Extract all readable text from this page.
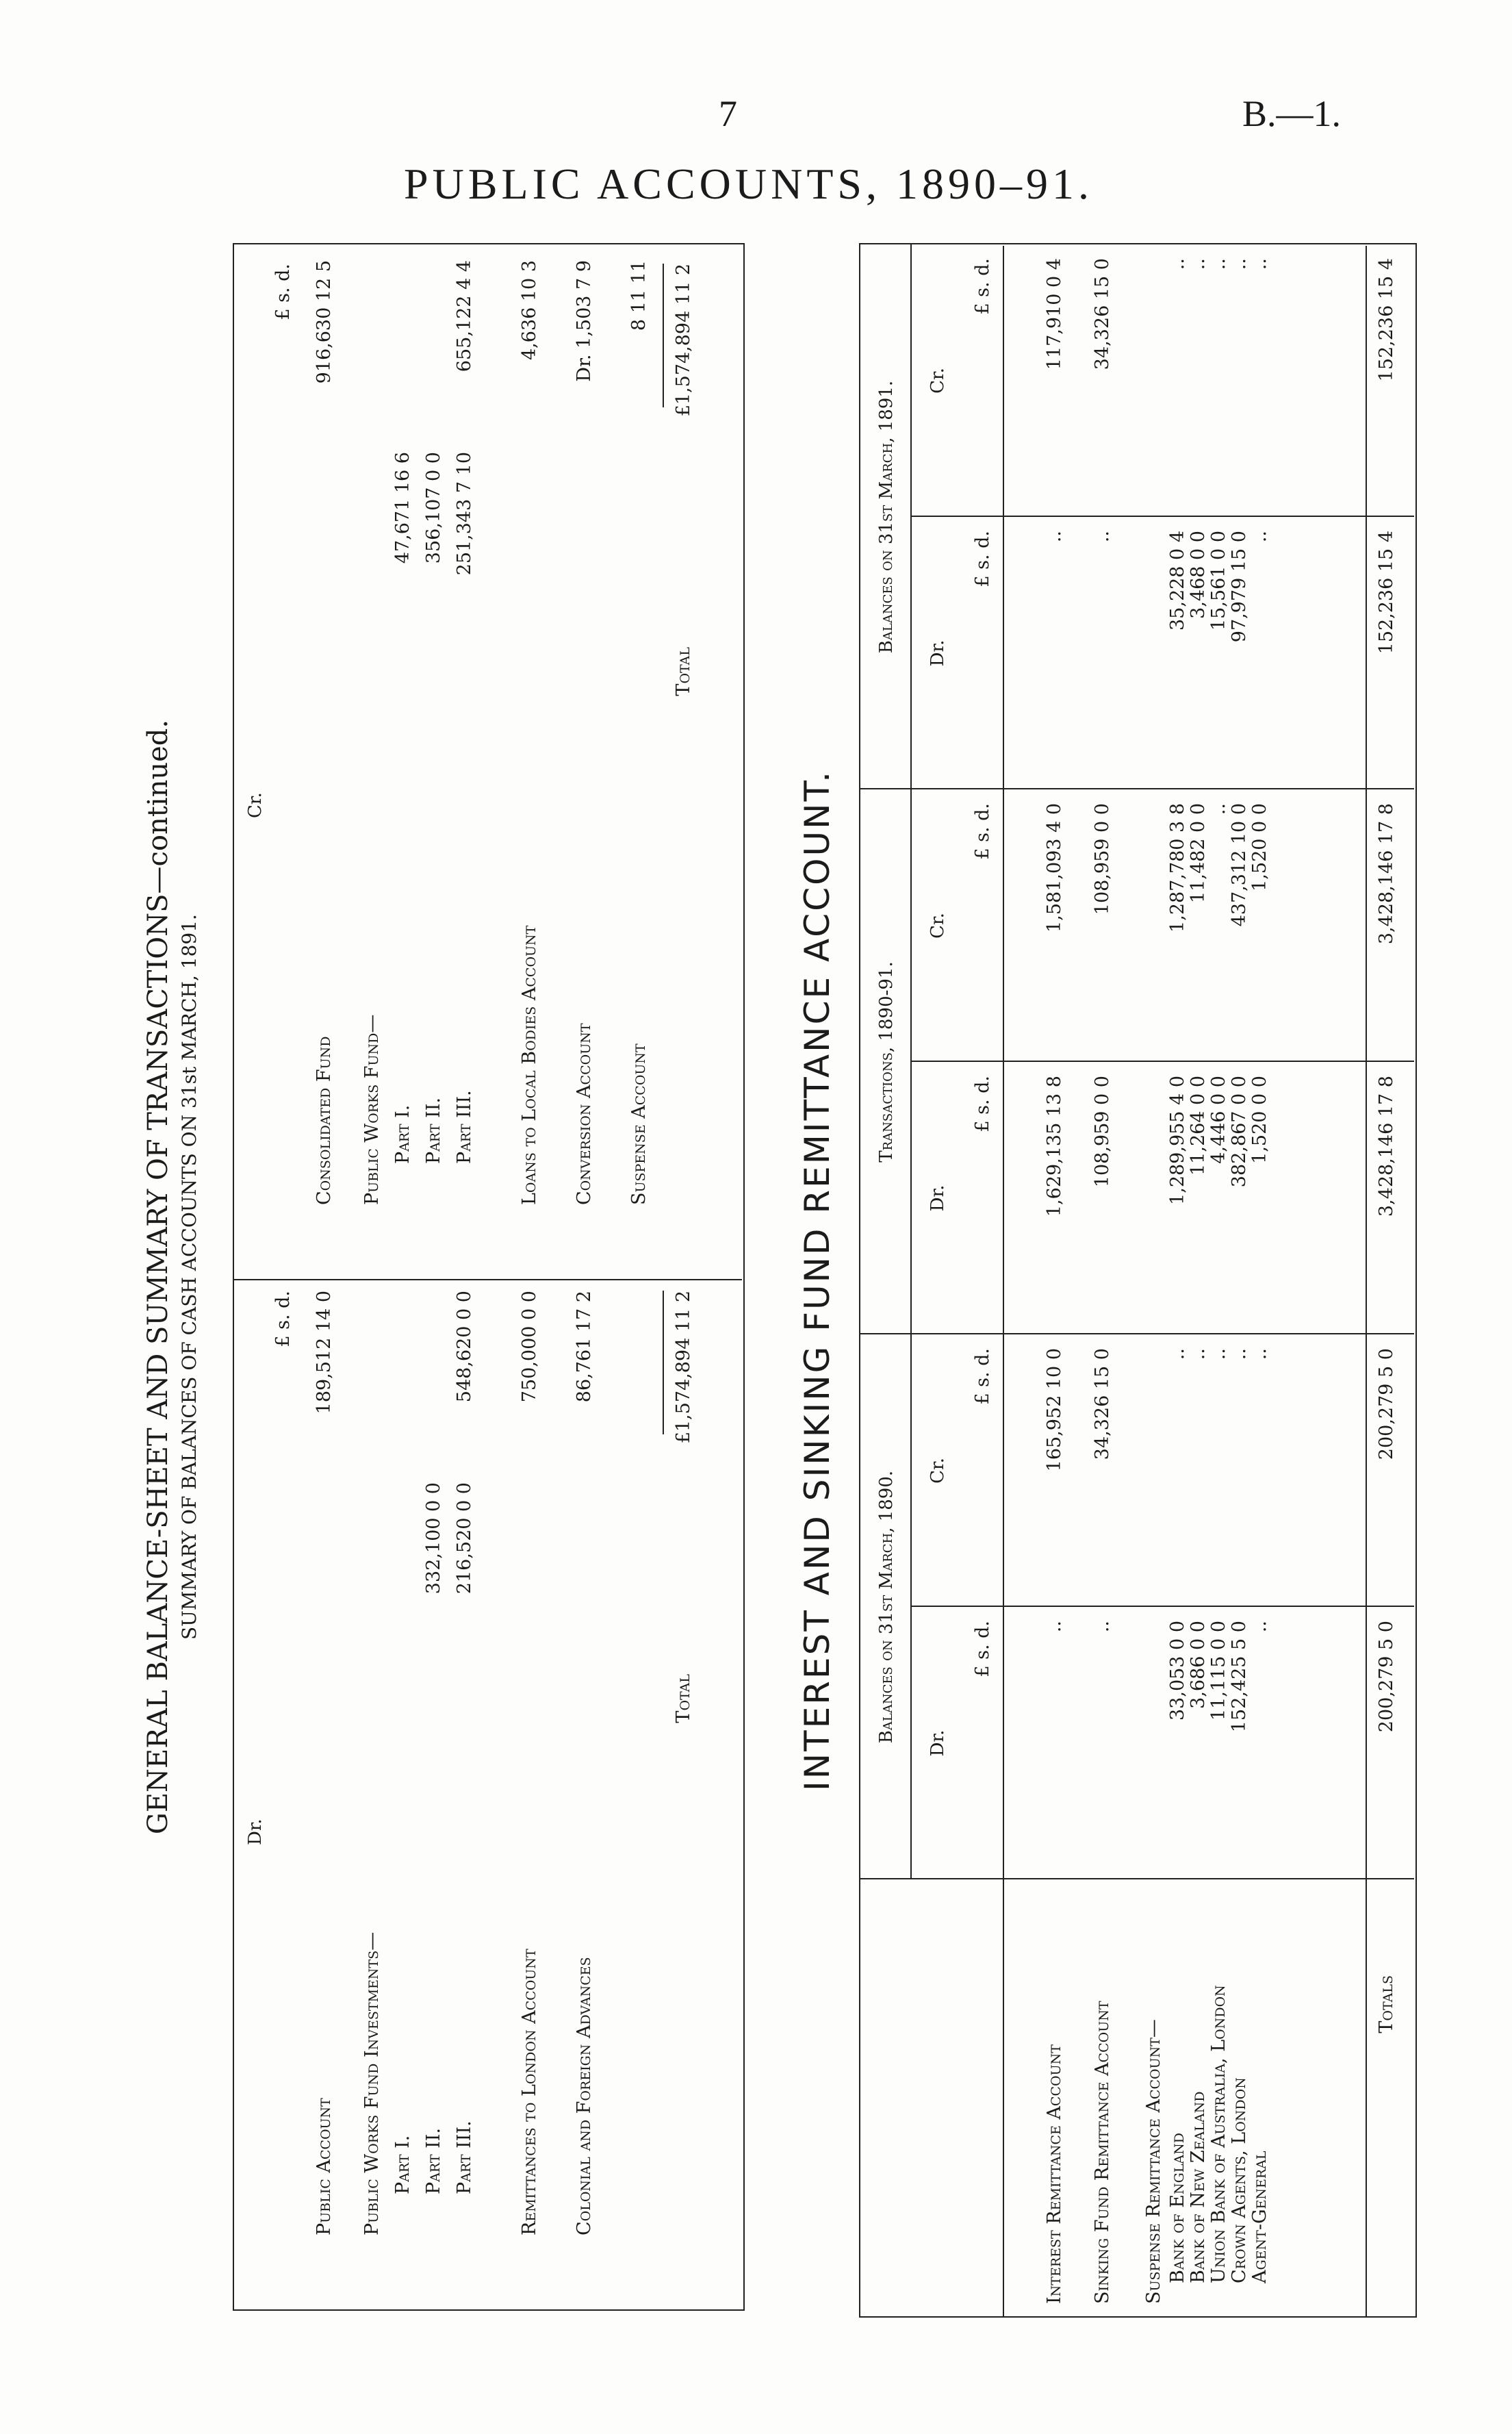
7	B.—1.
PUBLIC ACCOUNTS, 1890–91.
GENERAL BALANCE-SHEET AND SUMMARY OF TRANSACTIONS—continued. SUMMARY OF BALANCES OF CASH ACCOUNTS ON 31st MARCH, 1891.
Dr.
Cr.
£ s. d.
£ s. d.
Public Account
189,512 14 0
Public Works Fund Investments— Part I. Part II.
332,100 0 0
Part III.
216,520 0 0
548,620 0 0
Remittances to London Account
750,000 0 0
Colonial and Foreign Advances
86,761 17 2
Consolidated Fund
916,630 12 5
Public Works Fund— Part I.
47,671 16 6
Part II.
356,107 0 0
Part III.
251,343 7 10
655,122 4 4
Loans to Local Bodies Account
4,636 10 3
Conversion Account
Dr. 1,503 7 9
Suspense Account
8 11 11
Total
£1,574,894 11 2
Total
£1,574,894 11 2
INTEREST AND SINKING FUND REMITTANCE ACCOUNT. Balances on 31st March, 1890.
Transactions, 1890-91.
Balances on 31st March, 1891.
Dr.
£ s. d.
Cr.
£ s. d.
Dr.
£ s. d.
Cr.
£ s. d.
Dr.
£ s. d.
Cr.
£ s. d.
Interest Remittance Account
..
165,952 10 0
1,629,135 13 8
1,581,093 4 0
..
117,910 0 4
Sinking Fund Remittance Account
..
34,326 15 0
108,959 0 0
108,959 0 0
..
34,326 15 0
Suspense Remittance Account— Bank of England
33,053 0 0
..
1,289,955 4 0
1,287,780 3 8
35,228 0 4
..
Bank of New Zealand
3,686 0 0
..
11,264 0 0
11,482 0 0
3,468 0 0
..
Union Bank of Australia, London
11,115 0 0
..
4,446 0 0
..
15,561 0 0
..
Crown Agents, London
152,425 5 0
..
382,867 0 0
437,312 10 0
97,979 15 0
..
Agent-General
..
..
1,520 0 0
1,520 0 0
..
..
Totals
200,279 5 0
200,279 5 0
3,428,146 17 8
3,428,146 17 8
152,236 15 4
152,236 15 4
